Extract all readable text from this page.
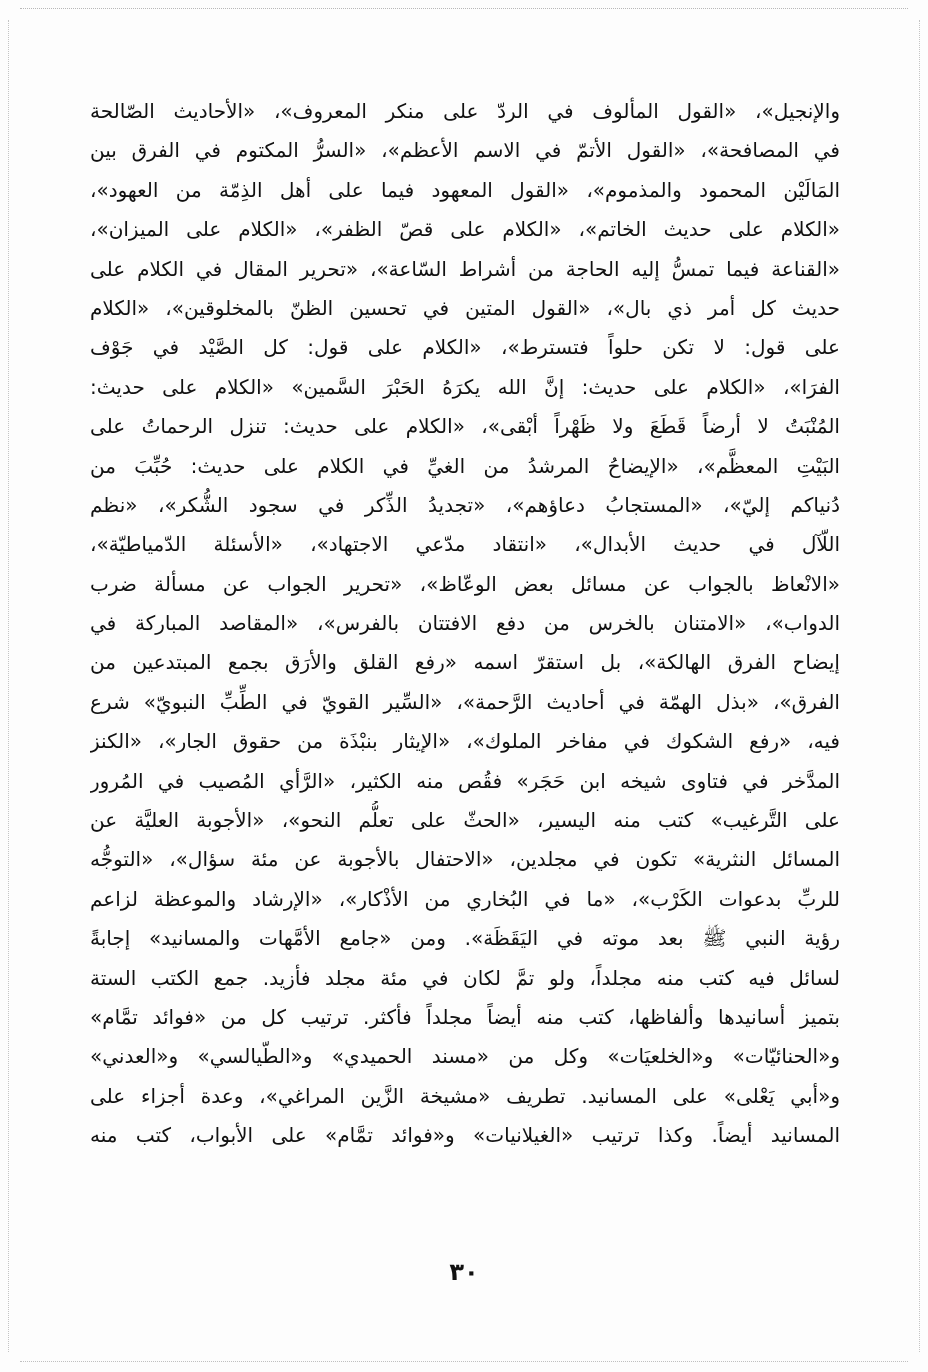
والإنجيل»، «القول المألوف في الردّ على منكر المعروف»، «الأحاديث الصّالحة
في المصافحة»، «القول الأتمّ في الاسم الأعظم»، «السرُّ المكتوم في الفرق بين
المَالَيْن المحمود والمذموم»، «القول المعهود فيما على أهل الذِمّة من العهود»،
«الكلام على حديث الخاتم»، «الكلام على قصّ الظفر»، «الكلام على الميزان»،
«القناعة فيما تمسُّ إليه الحاجة من أشراط السّاعة»، «تحرير المقال في الكلام على
حديث كل أمر ذي بال»، «القول المتين في تحسين الظنّ بالمخلوقين»، «الكلام
على قول: لا تكن حلواً فتسترط»، «الكلام على قول: كل الصَّيْد في جَوْف
الفرَا»، «الكلام على حديث: إنَّ الله يكرَهُ الحَبْرَ السَّمين» «الكلام على حديث:
المُنْبَتُ لا أرضاً قَطَعَ ولا ظَهْراً أبْقى»، «الكلام على حديث: تنزل الرحماتُ على
البَيْتِ المعظَّم»، «الإيضاحُ المرشدُ من الغيِّ في الكلام على حديث: حُبِّبَ من
دُنياكم إليّ»، «المستجابُ دعاؤهم»، «تجديدُ الذِّكر في سجود الشُّكر»، «نظم
اللّآل في حديث الأبدال»، «انتقاد مدّعي الاجتهاد»، «الأسئلة الدّمياطيّة»،
«الانْعاظ بالجواب عن مسائل بعض الوعّاظ»، «تحرير الجواب عن مسألة ضرب
الدواب»، «الامتنان بالخرس من دفع الافتتان بالفرس»، «المقاصد المباركة في
إيضاح الفرق الهالكة»، بل استقرّ اسمه «رفع القلق والأرَق بجمع المبتدعين من
الفرق»، «بذل الهمّة في أحاديث الرَّحمة»، «السِّير القويّ في الطِّبِّ النبويّ» شرع
فيه، «رفع الشكوك في مفاخر الملوك»، «الإيثار بنبْذَة من حقوق الجار»، «الكنز
المدَّخر في فتاوى شيخه ابن حَجَر» فقُص منه الكثير، «الرَّأي المُصيب في المُرور
على التَّرغيب» كتب منه اليسير، «الحثّ على تعلُّم النحو»، «الأجوبة العليَّة عن
المسائل النثرية» تكون في مجلدين، «الاحتفال بالأجوبة عن مئة سؤال»، «التوجُّه
للربِّ بدعوات الكَرْب»، «ما في البُخاري من الأذْكار»، «الإرشاد والموعظة لزاعم
رؤية النبي ﷺ بعد موته في اليَقَظَة». ومن «جامع الأمَّهات والمسانيد» إجابةً
لسائل فيه كتب منه مجلداً، ولو تمَّ لكان في مئة مجلد فأزيد. جمع الكتب الستة
بتميز أسانيدها وألفاظها، كتب منه أيضاً مجلداً فأكثر. ترتيب كل من «فوائد تمَّام»
و«الحنائيّات» و«الخلعيَات» وكل من «مسند الحميدي» و«الطّيالسي» و«العدني»
و«أبي يَعْلى» على المسانيد. تطريف «مشيخة الزَّين المراغي»، وعدة أجزاء على
المسانيد أيضاً. وكذا ترتيب «الغيلانيات» و«فوائد تمَّام» على الأبواب، كتب منه
٣٠
